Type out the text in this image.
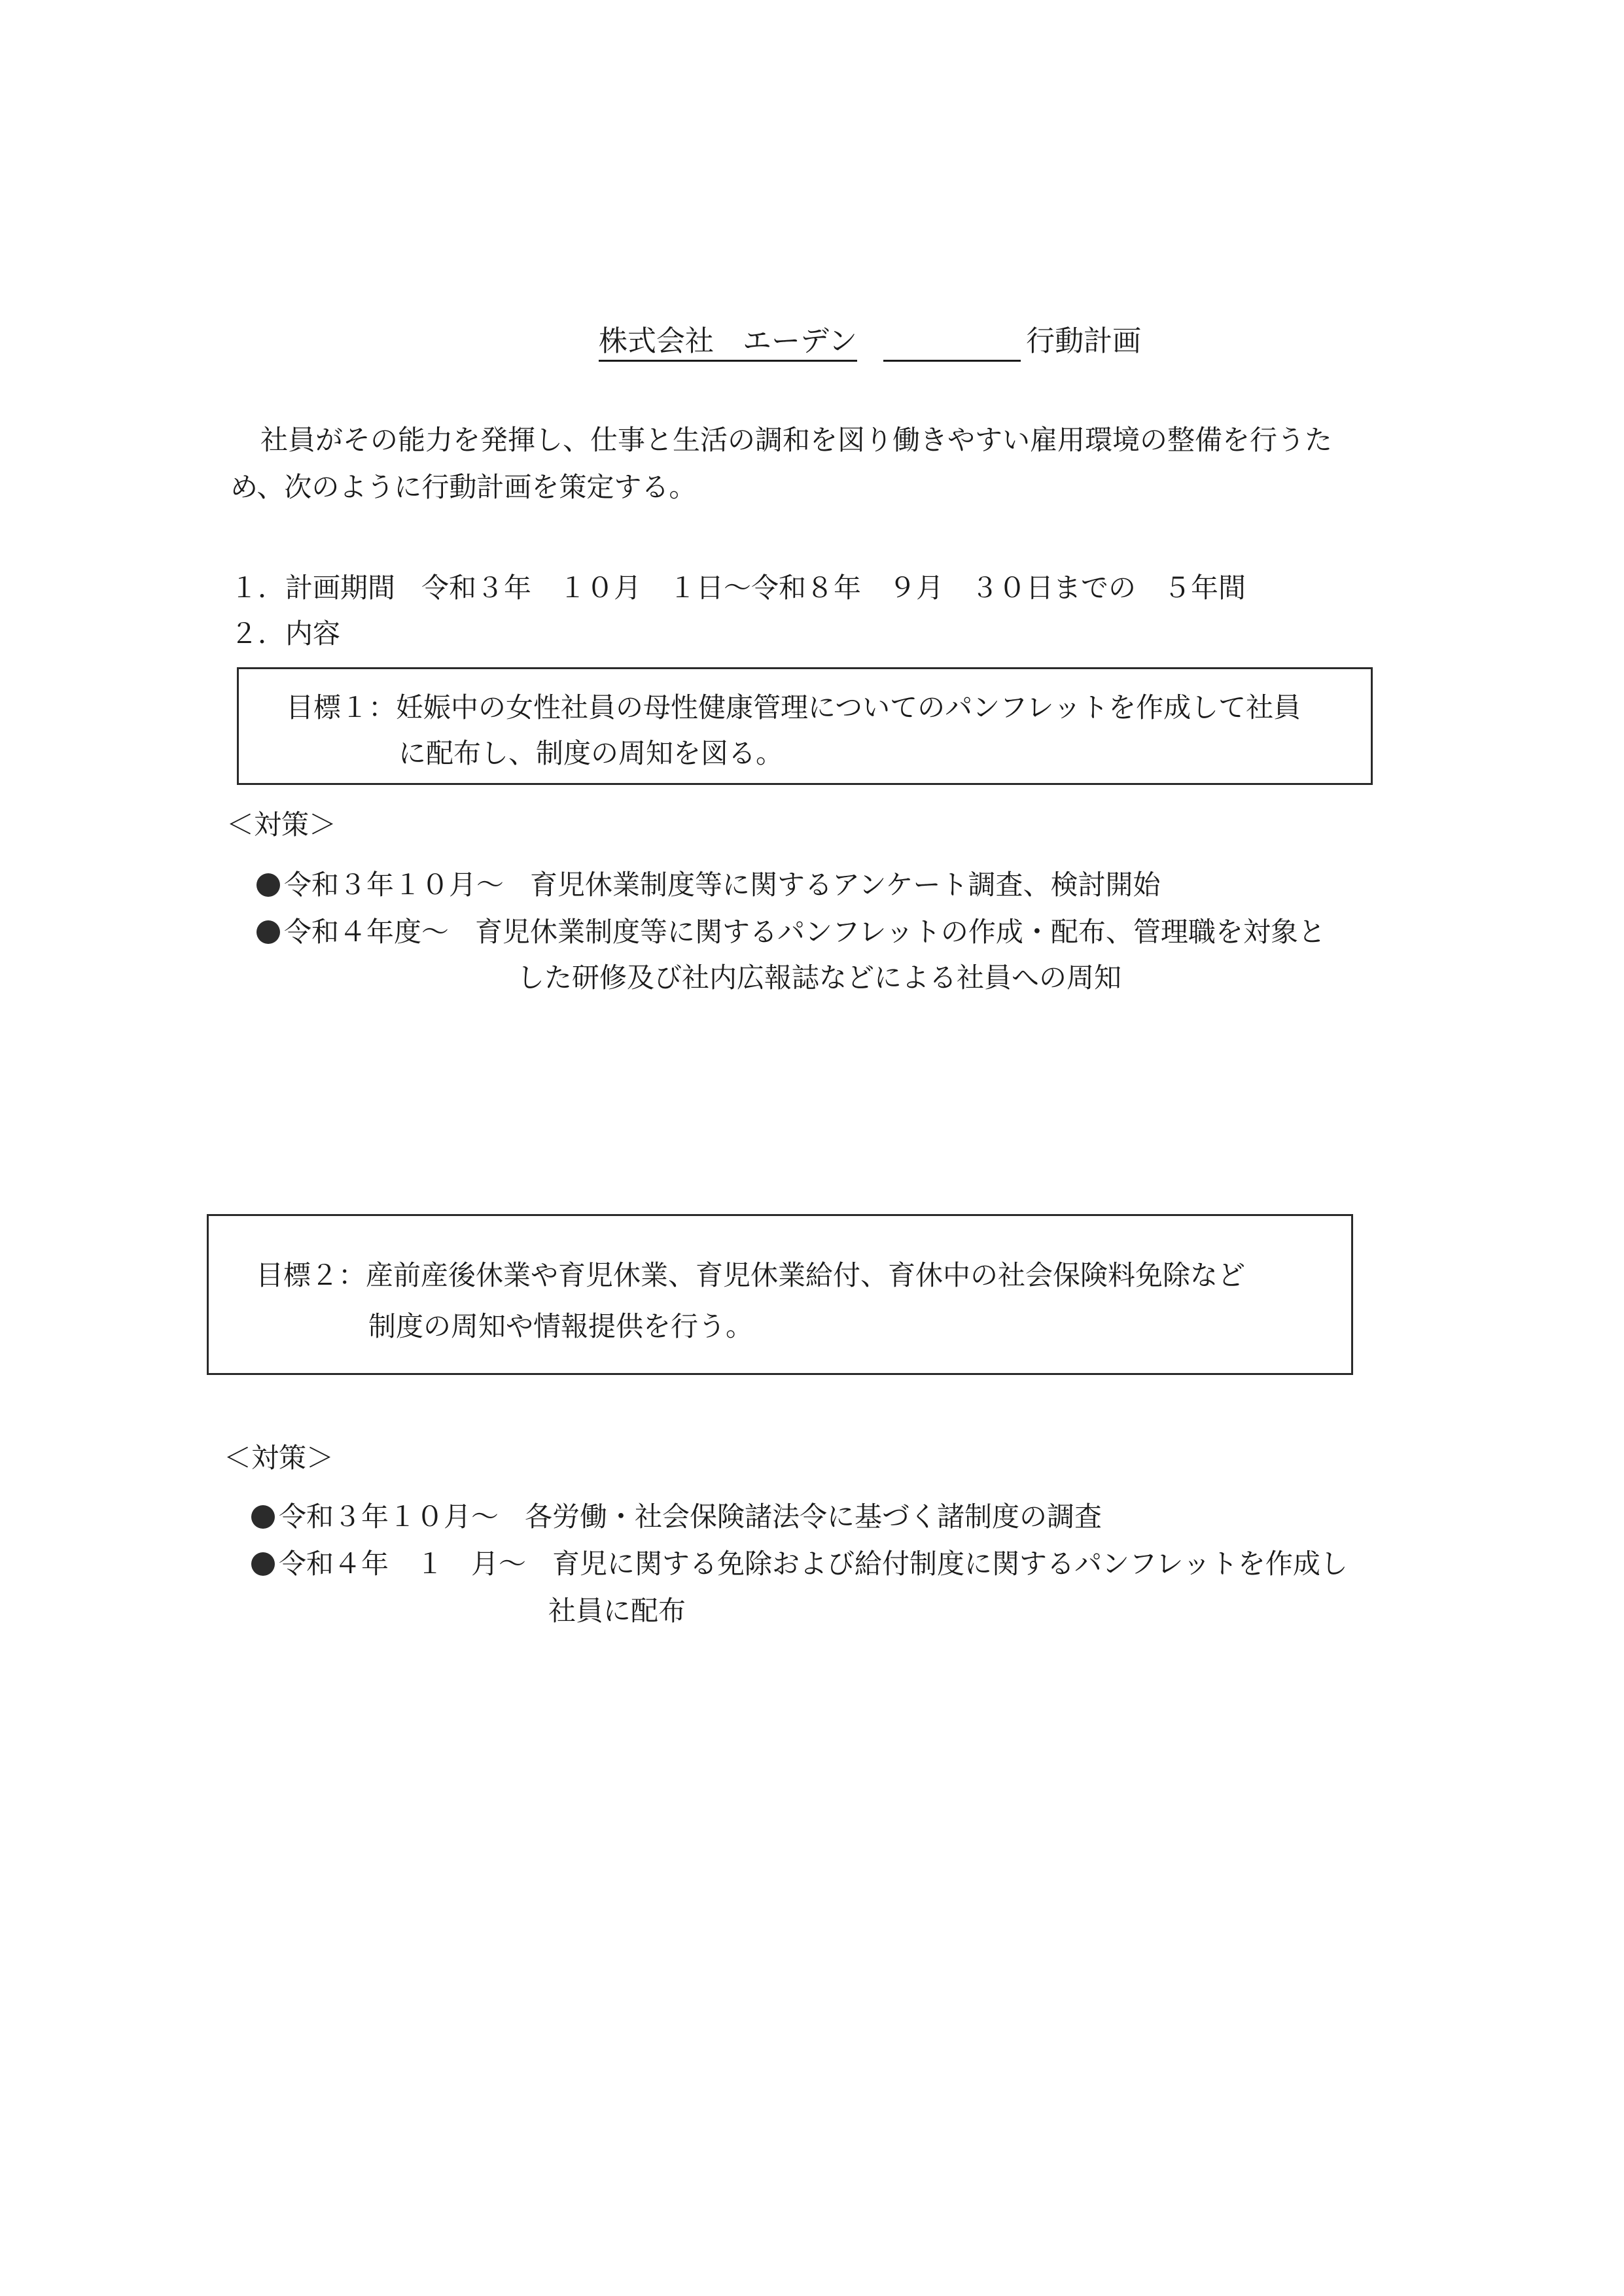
株式会社　エーデン	行動計画
社員がその能力を発揮し、仕事と生活の調和を図り働きやすい雇用環境の整備を行うた
め、次のように行動計画を策定する。
１．計画期間 令和３年　１０月　１日～令和８年　９月　３０日までの　５年間
２．内容
目標１：妊娠中の女性社員の母性健康管理についてのパンフレットを作成して社員
に配布し、制度の周知を図る。
＜対策＞
令和３年１０月～ 育児休業制度等に関するアンケート調査、検討開始
令和４年度～ 育児休業制度等に関するパンフレットの作成・配布、管理職を対象と
した研修及び社内広報誌などによる社員への周知
目標２：産前産後休業や育児休業、育児休業給付、育休中の社会保険料免除など
制度の周知や情報提供を行う。
＜対策＞
令和３年１０月～ 各労働・社会保険諸法令に基づく諸制度の調査
令和４年　１　月～ 育児に関する免除および給付制度に関するパンフレットを作成し
社員に配布
